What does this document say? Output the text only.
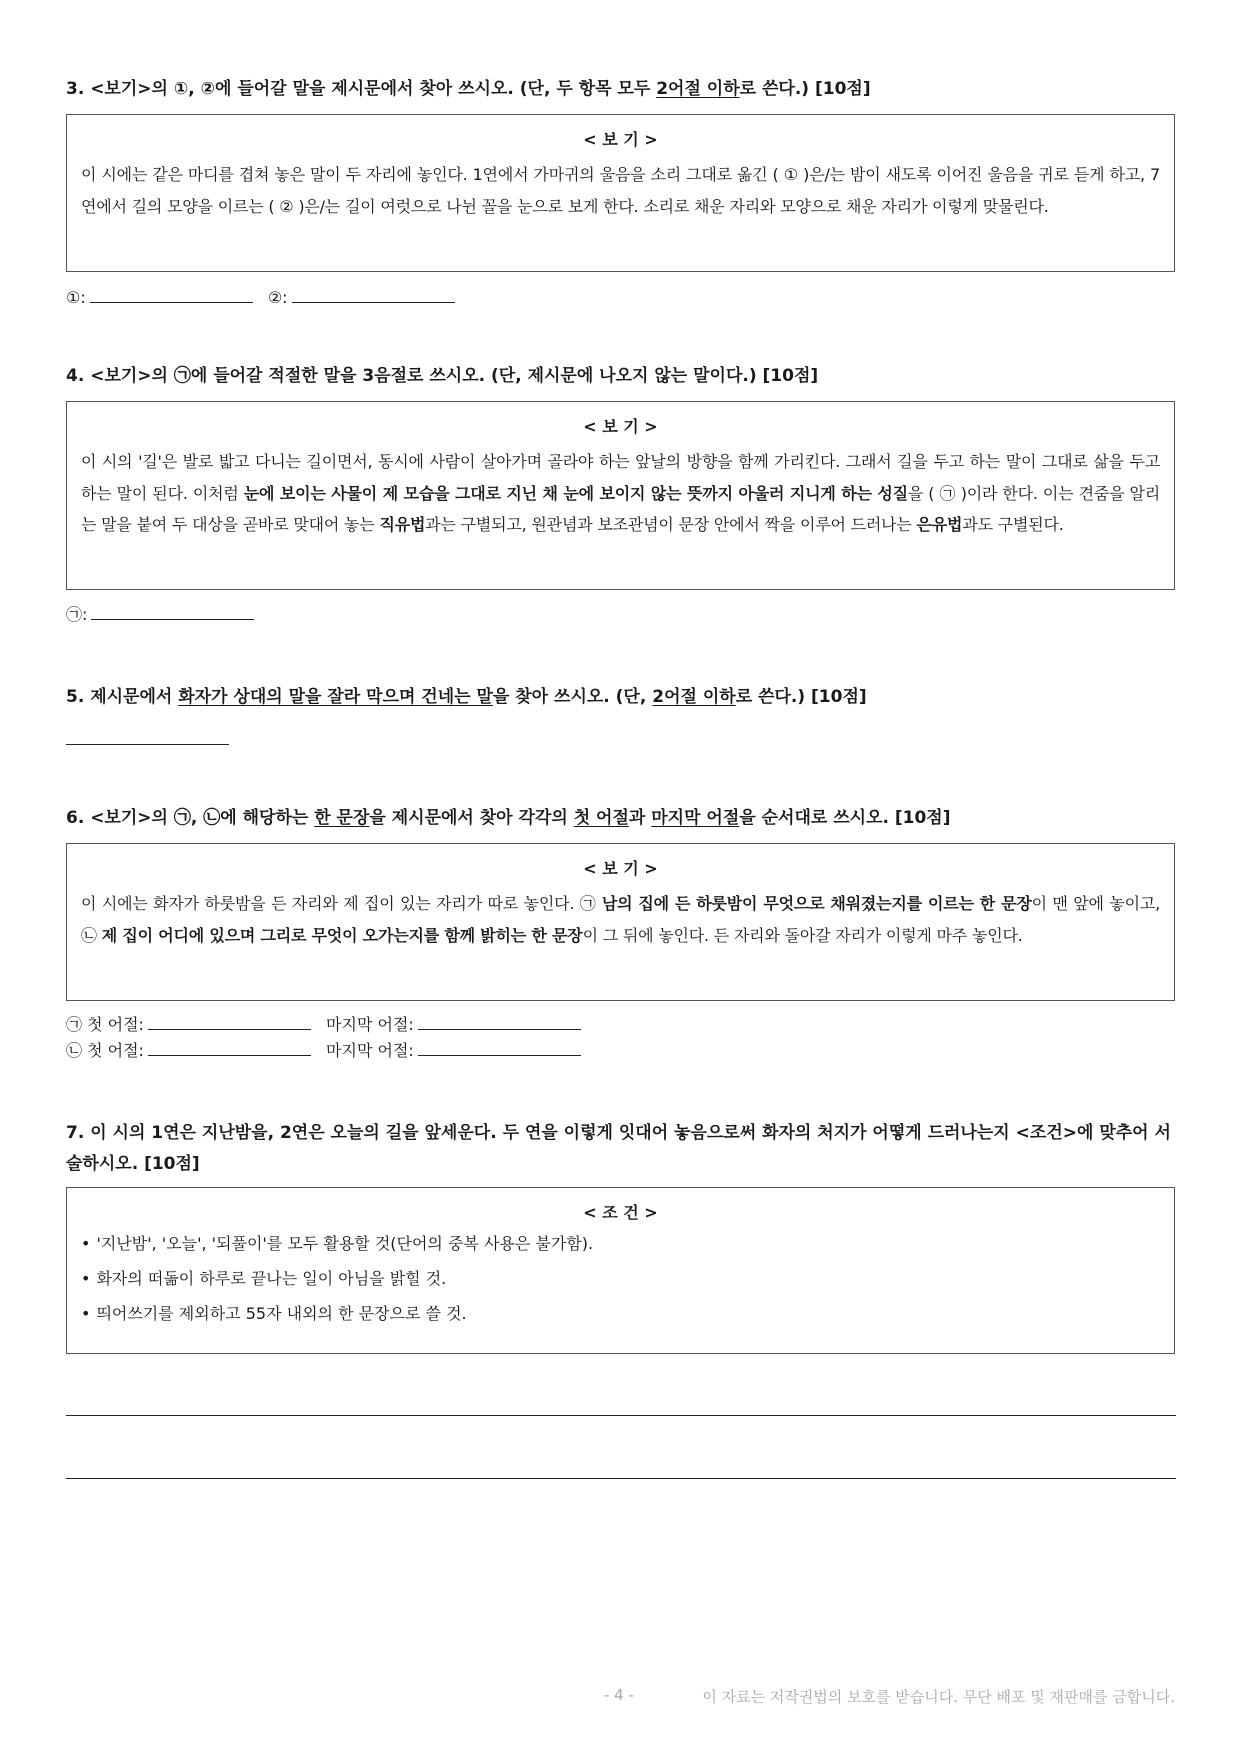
3. <보기>의 ①, ②에 들어갈 말을 제시문에서 찾아 쓰시오. (단, 두 항목 모두 2어절 이하로 쓴다.) [10점]

< 보 기 >
이 시에는 같은 마디를 겹쳐 놓은 말이 두 자리에 놓인다. 1연에서 가마귀의 울음을 소리 그대로 옮긴 ( ① )은/는 밤이 새도록 이어진 울음을 귀로 듣게 하고, 7연에서 길의 모양을 이르는 ( ② )은/는 길이 여럿으로 나뉜 꼴을 눈으로 보게 한다. 소리로 채운 자리와 모양으로 채운 자리가 이렇게 맞물린다.
①:	②:

4. <보기>의 ㉠에 들어갈 적절한 말을 3음절로 쓰시오. (단, 제시문에 나오지 않는 말이다.) [10점]

< 보 기 >
이 시의 '길'은 발로 밟고 다니는 길이면서, 동시에 사람이 살아가며 골라야 하는 앞날의 방향을 함께 가리킨다. 그래서 길을 두고 하는 말이 그대로 삶을 두고 하는 말이 된다. 이처럼 눈에 보이는 사물이 제 모습을 그대로 지닌 채 눈에 보이지 않는 뜻까지 아울러 지니게 하는 성질을 ( ㉠ )이라 한다. 이는 견줌을 알리는 말을 붙여 두 대상을 곧바로 맞대어 놓는 직유법과는 구별되고, 원관념과 보조관념이 문장 안에서 짝을 이루어 드러나는 은유법과도 구별된다.
㉠:

5. 제시문에서 화자가 상대의 말을 잘라 막으며 건네는 말을 찾아 쓰시오. (단, 2어절 이하로 쓴다.) [10점]

6. <보기>의 ㉠, ㉡에 해당하는 한 문장을 제시문에서 찾아 각각의 첫 어절과 마지막 어절을 순서대로 쓰시오. [10점]

< 보 기 >
이 시에는 화자가 하룻밤을 든 자리와 제 집이 있는 자리가 따로 놓인다. ㉠ 남의 집에 든 하룻밤이 무엇으로 채워졌는지를 이르는 한 문장이 맨 앞에 놓이고, ㉡ 제 집이 어디에 있으며 그리로 무엇이 오가는지를 함께 밝히는 한 문장이 그 뒤에 놓인다. 든 자리와 돌아갈 자리가 이렇게 마주 놓인다.
㉠ 첫 어절:	마지막 어절:
㉡ 첫 어절:	마지막 어절:

7. 이 시의 1연은 지난밤을, 2연은 오늘의 길을 앞세운다. 두 연을 이렇게 잇대어 놓음으로써 화자의 처지가 어떻게 드러나는지 <조건>에 맞추어 서술하시오. [10점]

< 조 건 >
• '지난밤', '오늘', '되풀이'를 모두 활용할 것(단어의 중복 사용은 불가함).
• 화자의 떠돎이 하루로 끝나는 일이 아님을 밝힐 것.
• 띄어쓰기를 제외하고 55자 내외의 한 문장으로 쓸 것.
- 4 -	이 자료는 저작권법의 보호를 받습니다. 무단 배포 및 재판매를 금합니다.
